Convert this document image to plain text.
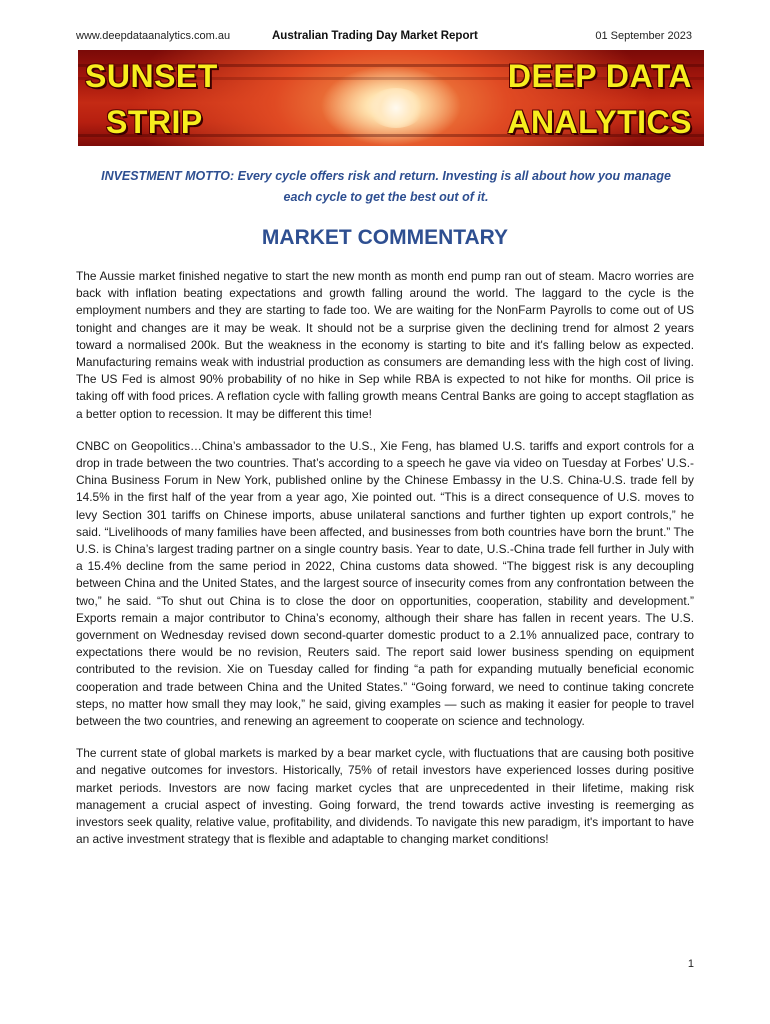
www.deepdataanalytics.com.au	Australian Trading Day Market Report	01 September 2023
SUNSET
STRIP
DEEP DATA
ANALYTICS
INVESTMENT MOTTO: Every cycle offers risk and return. Investing is all about how you manage
each cycle to get the best out of it.
MARKET COMMENTARY

The Aussie market finished negative to start the new month as month end pump ran out of steam. Macro worries are back with inflation beating expectations and growth falling around the world. The laggard to the cycle is the employment numbers and they are starting to fade too. We are waiting for the NonFarm Payrolls to come out of US tonight and changes are it may be weak. It should not be a surprise given the declining trend for almost 2 years toward a normalised 200k. But the weakness in the economy is starting to bite and it's falling below as expected. Manufacturing remains weak with industrial production as consumers are demanding less with the high cost of living. The US Fed is almost 90% probability of no hike in Sep while RBA is expected to not hike for months. Oil price is taking off with food prices. A reflation cycle with falling growth means Central Banks are going to accept stagflation as a better option to recession. It may be different this time!

CNBC on Geopolitics…China’s ambassador to the U.S., Xie Feng, has blamed U.S. tariffs and export controls for a drop in trade between the two countries. That’s according to a speech he gave via video on Tuesday at Forbes’ U.S.-China Business Forum in New York, published online by the Chinese Embassy in the U.S. China-U.S. trade fell by 14.5% in the first half of the year from a year ago, Xie pointed out. “This is a direct consequence of U.S. moves to levy Section 301 tariffs on Chinese imports, abuse unilateral sanctions and further tighten up export controls,” he said. “Livelihoods of many families have been affected, and businesses from both countries have born the brunt.” The U.S. is China’s largest trading partner on a single country basis. Year to date, U.S.-China trade fell further in July with a 15.4% decline from the same period in 2022, China customs data showed. “The biggest risk is any decoupling between China and the United States, and the largest source of insecurity comes from any confrontation between the two,” he said. “To shut out China is to close the door on opportunities, cooperation, stability and development.” Exports remain a major contributor to China’s economy, although their share has fallen in recent years. The U.S. government on Wednesday revised down second-quarter domestic product to a 2.1% annualized pace, contrary to expectations there would be no revision, Reuters said. The report said lower business spending on equipment contributed to the revision. Xie on Tuesday called for finding “a path for expanding mutually beneficial economic cooperation and trade between China and the United States.” “Going forward, we need to continue taking concrete steps, no matter how small they may look,” he said, giving examples — such as making it easier for people to travel between the two countries, and renewing an agreement to cooperate on science and technology.

The current state of global markets is marked by a bear market cycle, with fluctuations that are causing both positive and negative outcomes for investors. Historically, 75% of retail investors have experienced losses during positive market periods. Investors are now facing market cycles that are unprecedented in their lifetime, making risk management a crucial aspect of investing. Going forward, the trend towards active investing is reemerging as investors seek quality, relative value, profitability, and dividends. To navigate this new paradigm, it's important to have an active investment strategy that is flexible and adaptable to changing market conditions!

1
